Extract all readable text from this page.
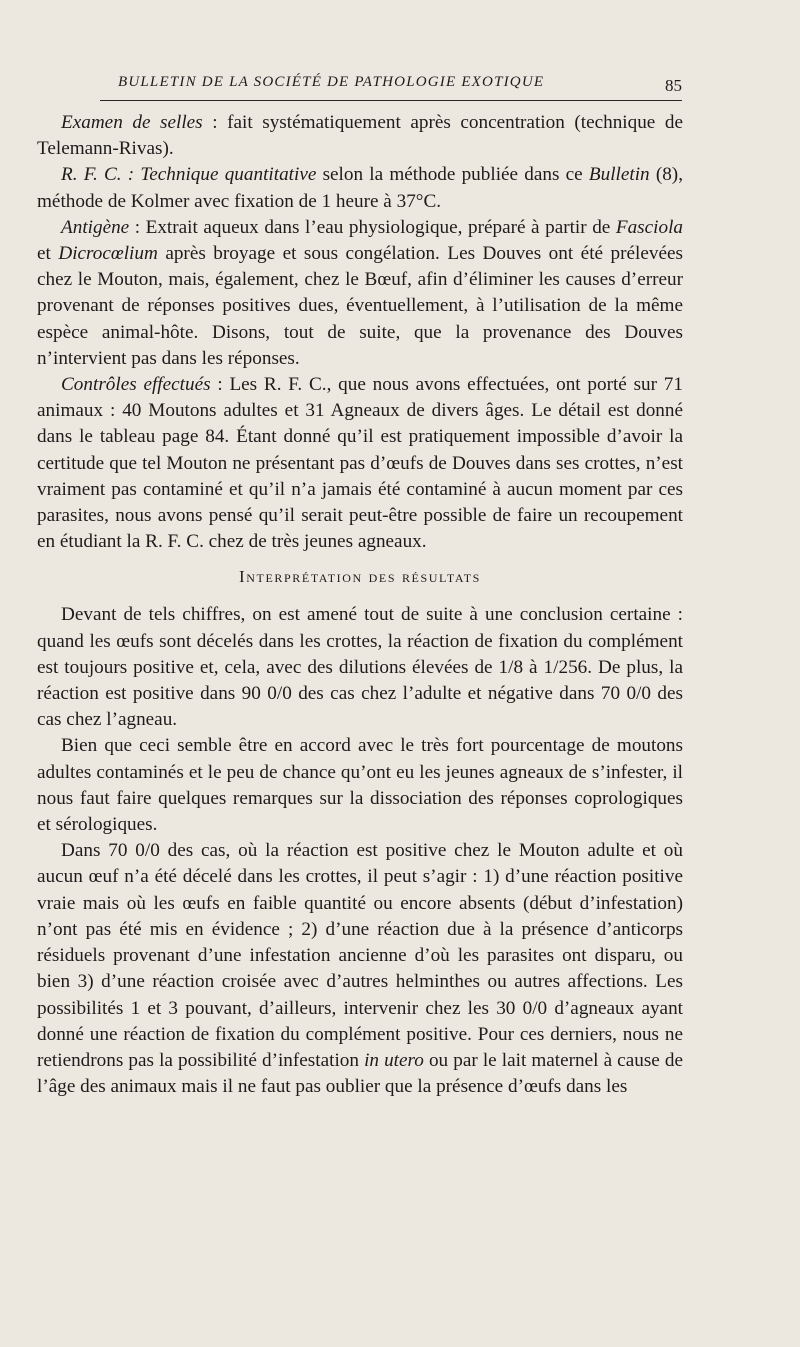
BULLETIN DE LA SOCIÉTÉ DE PATHOLOGIE EXOTIQUE	85

Examen de selles : fait systématiquement après concentration (technique de Telemann-Rivas).

R. F. C. : Technique quantitative selon la méthode publiée dans ce Bulletin (8), méthode de Kolmer avec fixation de 1 heure à 37°C.

Antigène : Extrait aqueux dans l’eau physiologique, préparé à partir de Fasciola et Dicrocœlium après broyage et sous congélation. Les Douves ont été prélevées chez le Mouton, mais, également, chez le Bœuf, afin d’éliminer les causes d’erreur provenant de réponses positives dues, éventuellement, à l’utilisation de la même espèce animal-hôte. Disons, tout de suite, que la provenance des Douves n’intervient pas dans les réponses.

Contrôles effectués : Les R. F. C., que nous avons effectuées, ont porté sur 71 animaux : 40 Moutons adultes et 31 Agneaux de divers âges. Le détail est donné dans le tableau page 84. Étant donné qu’il est pratiquement impossible d’avoir la certitude que tel Mouton ne présentant pas d’œufs de Douves dans ses crottes, n’est vraiment pas contaminé et qu’il n’a jamais été contaminé à aucun moment par ces parasites, nous avons pensé qu’il serait peut-être possible de faire un recoupement en étudiant la R. F. C. chez de très jeunes agneaux.

Interprétation des résultats

Devant de tels chiffres, on est amené tout de suite à une conclusion certaine : quand les œufs sont décelés dans les crottes, la réaction de fixation du complément est toujours positive et, cela, avec des dilutions élevées de 1/8 à 1/256. De plus, la réaction est positive dans 90 0/0 des cas chez l’adulte et négative dans 70 0/0 des cas chez l’agneau.

Bien que ceci semble être en accord avec le très fort pourcentage de moutons adultes contaminés et le peu de chance qu’ont eu les jeunes agneaux de s’infester, il nous faut faire quelques remarques sur la dissociation des réponses coprologiques et sérologiques.

Dans 70 0/0 des cas, où la réaction est positive chez le Mouton adulte et où aucun œuf n’a été décelé dans les crottes, il peut s’agir : 1) d’une réaction positive vraie mais où les œufs en faible quantité ou encore absents (début d’infestation) n’ont pas été mis en évidence ; 2) d’une réaction due à la présence d’anticorps résiduels provenant d’une infestation ancienne d’où les parasites ont disparu, ou bien 3) d’une réaction croisée avec d’autres helminthes ou autres affections. Les possibilités 1 et 3 pouvant, d’ailleurs, intervenir chez les 30 0/0 d’agneaux ayant donné une réaction de fixation du complément positive. Pour ces derniers, nous ne retiendrons pas la possibilité d’infestation in utero ou par le lait maternel à cause de l’âge des animaux mais il ne faut pas oublier que la présence d’œufs dans les
